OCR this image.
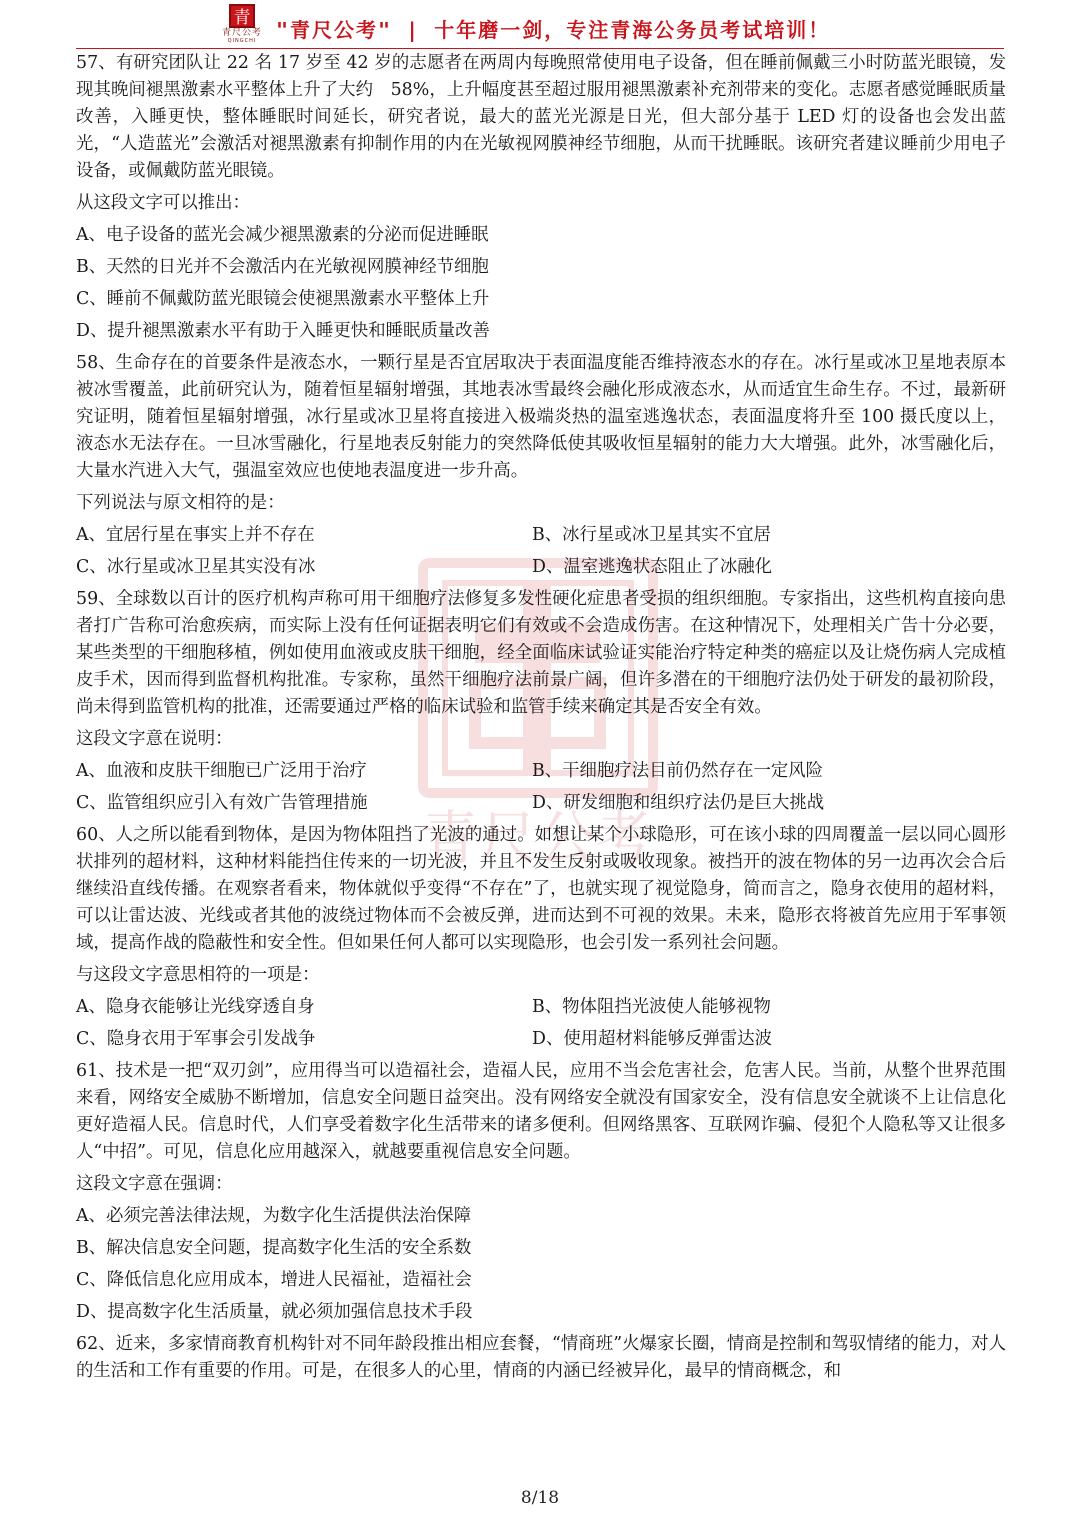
青
青尺公考
QINGCHI "青尺公考" | 十年磨一剑，专注青海公务员考试培训！
青尺公考

57、有研究团队让 22 名 17 岁至 42 岁的志愿者在两周内每晚照常使用电子设备，但在睡前佩戴三小时防蓝光眼镜，发现其晚间褪黑激素水平整体上升了大约　58%，上升幅度甚至超过服用褪黑激素补充剂带来的变化。志愿者感觉睡眠质量改善，入睡更快，整体睡眠时间延长，研究者说，最大的蓝光光源是日光，但大部分基于 LED 灯的设备也会发出蓝光，“人造蓝光”会激活对褪黑激素有抑制作用的内在光敏视网膜神经节细胞，从而干扰睡眠。该研究者建议睡前少用电子设备，或佩戴防蓝光眼镜。

从这段文字可以推出：

A、电子设备的蓝光会减少褪黑激素的分泌而促进睡眠

B、天然的日光并不会激活内在光敏视网膜神经节细胞

C、睡前不佩戴防蓝光眼镜会使褪黑激素水平整体上升

D、提升褪黑激素水平有助于入睡更快和睡眠质量改善

58、生命存在的首要条件是液态水，一颗行星是否宜居取决于表面温度能否维持液态水的存在。冰行星或冰卫星地表原本被冰雪覆盖，此前研究认为，随着恒星辐射增强，其地表冰雪最终会融化形成液态水，从而适宜生命生存。不过，最新研究证明，随着恒星辐射增强，冰行星或冰卫星将直接进入极端炎热的温室逃逸状态，表面温度将升至 100 摄氏度以上，液态水无法存在。一旦冰雪融化，行星地表反射能力的突然降低使其吸收恒星辐射的能力大大增强。此外，冰雪融化后，大量水汽进入大气，强温室效应也使地表温度进一步升高。

下列说法与原文相符的是：

A、宜居行星在事实上并不存在	B、冰行星或冰卫星其实不宜居

C、冰行星或冰卫星其实没有冰	D、温室逃逸状态阻止了冰融化

59、全球数以百计的医疗机构声称可用干细胞疗法修复多发性硬化症患者受损的组织细胞。专家指出，这些机构直接向患者打广告称可治愈疾病，而实际上没有任何证据表明它们有效或不会造成伤害。在这种情况下，处理相关广告十分必要，某些类型的干细胞移植，例如使用血液或皮肤干细胞，经全面临床试验证实能治疗特定种类的癌症以及让烧伤病人完成植皮手术，因而得到监督机构批准。专家称，虽然干细胞疗法前景广阔，但许多潜在的干细胞疗法仍处于研发的最初阶段，尚未得到监管机构的批准，还需要通过严格的临床试验和监管手续来确定其是否安全有效。

这段文字意在说明：

A、血液和皮肤干细胞已广泛用于治疗	B、干细胞疗法目前仍然存在一定风险

C、监管组织应引入有效广告管理措施	D、研发细胞和组织疗法仍是巨大挑战

60、人之所以能看到物体，是因为物体阻挡了光波的通过。如想让某个小球隐形，可在该小球的四周覆盖一层以同心圆形状排列的超材料，这种材料能挡住传来的一切光波，并且不发生反射或吸收现象。被挡开的波在物体的另一边再次会合后继续沿直线传播。在观察者看来，物体就似乎变得“不存在”了，也就实现了视觉隐身，简而言之，隐身衣使用的超材料，可以让雷达波、光线或者其他的波绕过物体而不会被反弹，进而达到不可视的效果。未来，隐形衣将被首先应用于军事领域，提高作战的隐蔽性和安全性。但如果任何人都可以实现隐形，也会引发一系列社会问题。

与这段文字意思相符的一项是：

A、隐身衣能够让光线穿透自身	B、物体阻挡光波使人能够视物

C、隐身衣用于军事会引发战争	D、使用超材料能够反弹雷达波

61、技术是一把“双刃剑”，应用得当可以造福社会，造福人民，应用不当会危害社会，危害人民。当前，从整个世界范围来看，网络安全威胁不断增加，信息安全问题日益突出。没有网络安全就没有国家安全，没有信息安全就谈不上让信息化更好造福人民。信息时代，人们享受着数字化生活带来的诸多便利。但网络黑客、互联网诈骗、侵犯个人隐私等又让很多人“中招”。可见，信息化应用越深入，就越要重视信息安全问题。

这段文字意在强调：

A、必须完善法律法规，为数字化生活提供法治保障

B、解决信息安全问题，提高数字化生活的安全系数

C、降低信息化应用成本，增进人民福祉，造福社会

D、提高数字化生活质量，就必须加强信息技术手段

62、近来，多家情商教育机构针对不同年龄段推出相应套餐，“情商班”火爆家长圈，情商是控制和驾驭情绪的能力，对人的生活和工作有重要的作用。可是，在很多人的心里，情商的内涵已经被异化，最早的情商概念，和

8/18
